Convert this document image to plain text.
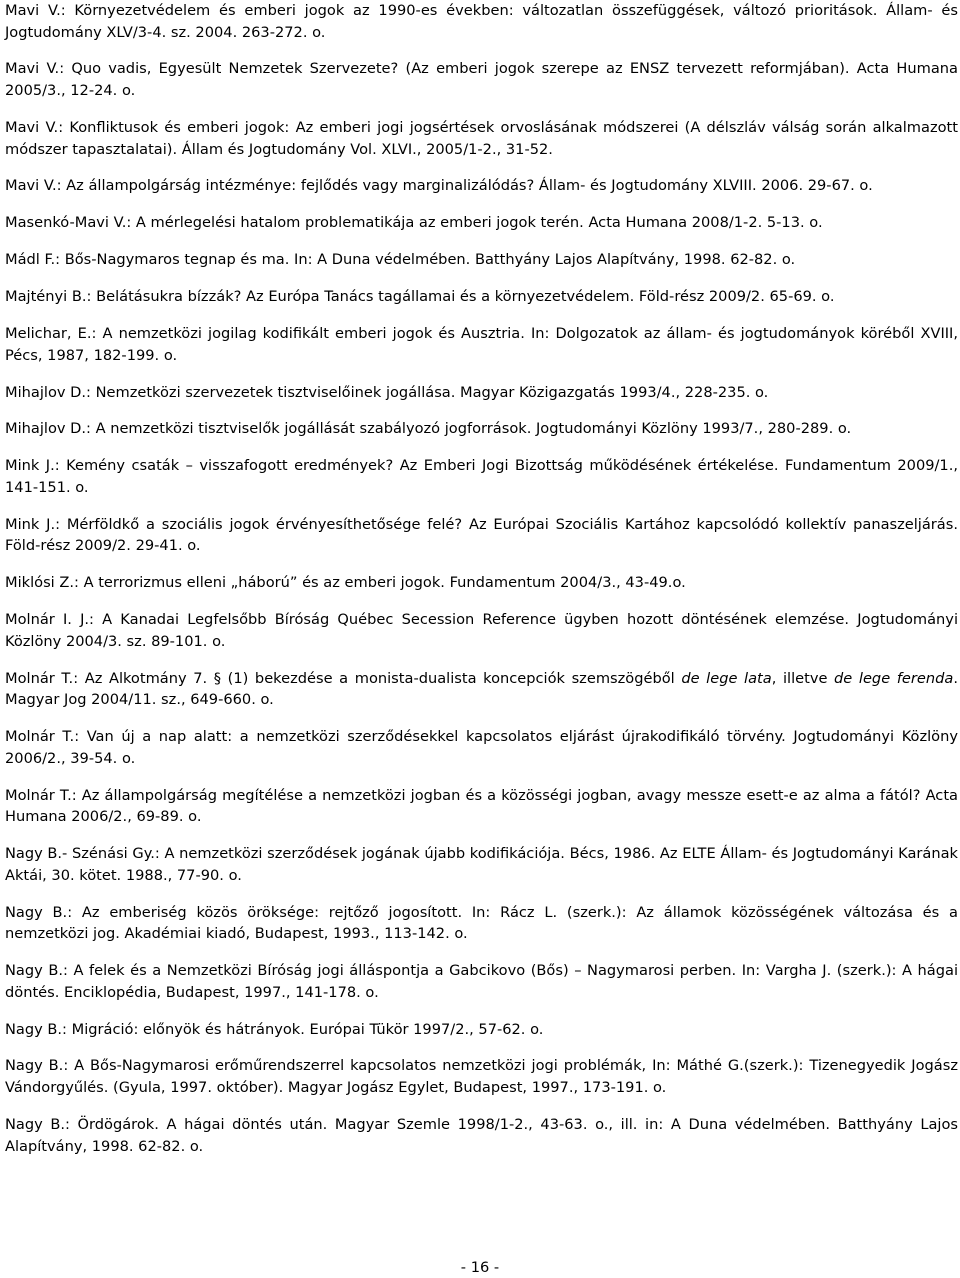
Mavi V.: Környezetvédelem és emberi jogok az 1990-es években: változatlan összefüggések, változó prioritások. Állam- és Jogtudomány XLV/3-4. sz. 2004. 263-272. o.

Mavi V.: Quo vadis, Egyesült Nemzetek Szervezete? (Az emberi jogok szerepe az ENSZ tervezett reformjában). Acta Humana 2005/3., 12-24. o.

Mavi V.: Konfliktusok és emberi jogok: Az emberi jogi jogsértések orvoslásának módszerei (A délszláv válság során alkalmazott módszer tapasztalatai). Állam és Jogtudomány Vol. XLVI., 2005/1-2., 31-52.

Mavi V.: Az állampolgárság intézménye: fejlődés vagy marginalizálódás? Állam- és Jogtudomány XLVIII. 2006. 29-67. o.

Masenkó-Mavi V.: A mérlegelési hatalom problematikája az emberi jogok terén. Acta Humana 2008/1-2. 5-13. o.

Mádl F.: Bős-Nagymaros tegnap és ma. In: A Duna védelmében. Batthyány Lajos Alapítvány, 1998. 62-82. o.

Majtényi B.: Belátásukra bízzák? Az Európa Tanács tagállamai és a környezetvédelem. Föld-rész 2009/2. 65-69. o.

Melichar, E.: A nemzetközi jogilag kodifikált emberi jogok és Ausztria. In: Dolgozatok az állam- és jogtudományok köréből XVIII, Pécs, 1987, 182-199. o.

Mihajlov D.: Nemzetközi szervezetek tisztviselőinek jogállása. Magyar Közigazgatás 1993/4., 228-235. o.

Mihajlov D.: A nemzetközi tisztviselők jogállását szabályozó jogforrások. Jogtudományi Közlöny 1993/7., 280-289. o.

Mink J.: Kemény csaták – visszafogott eredmények? Az Emberi Jogi Bizottság működésének értékelése. Fundamentum 2009/1., 141-151. o.

Mink J.: Mérföldkő a szociális jogok érvényesíthetősége felé? Az Európai Szociális Kartához kapcsolódó kollektív panaszeljárás. Föld-rész 2009/2. 29-41. o.

Miklósi Z.: A terrorizmus elleni „háború” és az emberi jogok. Fundamentum 2004/3., 43-49.o.

Molnár I. J.: A Kanadai Legfelsőbb Bíróság Québec Secession Reference ügyben hozott döntésének elemzése. Jogtudományi Közlöny 2004/3. sz. 89-101. o.

Molnár T.: Az Alkotmány 7. § (1) bekezdése a monista-dualista koncepciók szemszögéből de lege lata, illetve de lege ferenda. Magyar Jog 2004/11. sz., 649-660. o.

Molnár T.: Van új a nap alatt: a nemzetközi szerződésekkel kapcsolatos eljárást újrakodifikáló törvény. Jogtudományi Közlöny 2006/2., 39-54. o.

Molnár T.: Az állampolgárság megítélése a nemzetközi jogban és a közösségi jogban, avagy messze esett-e az alma a fától? Acta Humana 2006/2., 69-89. o.

Nagy B.- Szénási Gy.: A nemzetközi szerződések jogának újabb kodifikációja. Bécs, 1986. Az ELTE Állam- és Jogtudományi Karának Aktái, 30. kötet. 1988., 77-90. o.

Nagy B.: Az emberiség közös öröksége: rejtőző jogosított. In: Rácz L. (szerk.): Az államok közösségének változása és a nemzetközi jog. Akadémiai kiadó, Budapest, 1993., 113-142. o.

Nagy B.: A felek és a Nemzetközi Bíróság jogi álláspontja a Gabcikovo (Bős) – Nagymarosi perben. In: Vargha J. (szerk.): A hágai döntés. Enciklopédia, Budapest, 1997., 141-178. o.

Nagy B.: Migráció: előnyök és hátrányok. Európai Tükör 1997/2., 57-62. o.

Nagy B.: A Bős-Nagymarosi erőműrendszerrel kapcsolatos nemzetközi jogi problémák, In: Máthé G.(szerk.): Tizenegyedik Jogász Vándorgyűlés. (Gyula, 1997. október). Magyar Jogász Egylet, Budapest, 1997., 173-191. o.

Nagy B.: Ördögárok. A hágai döntés után. Magyar Szemle 1998/1-2., 43-63. o., ill. in: A Duna védelmében. Batthyány Lajos Alapítvány, 1998. 62-82. o.

- 16 -
